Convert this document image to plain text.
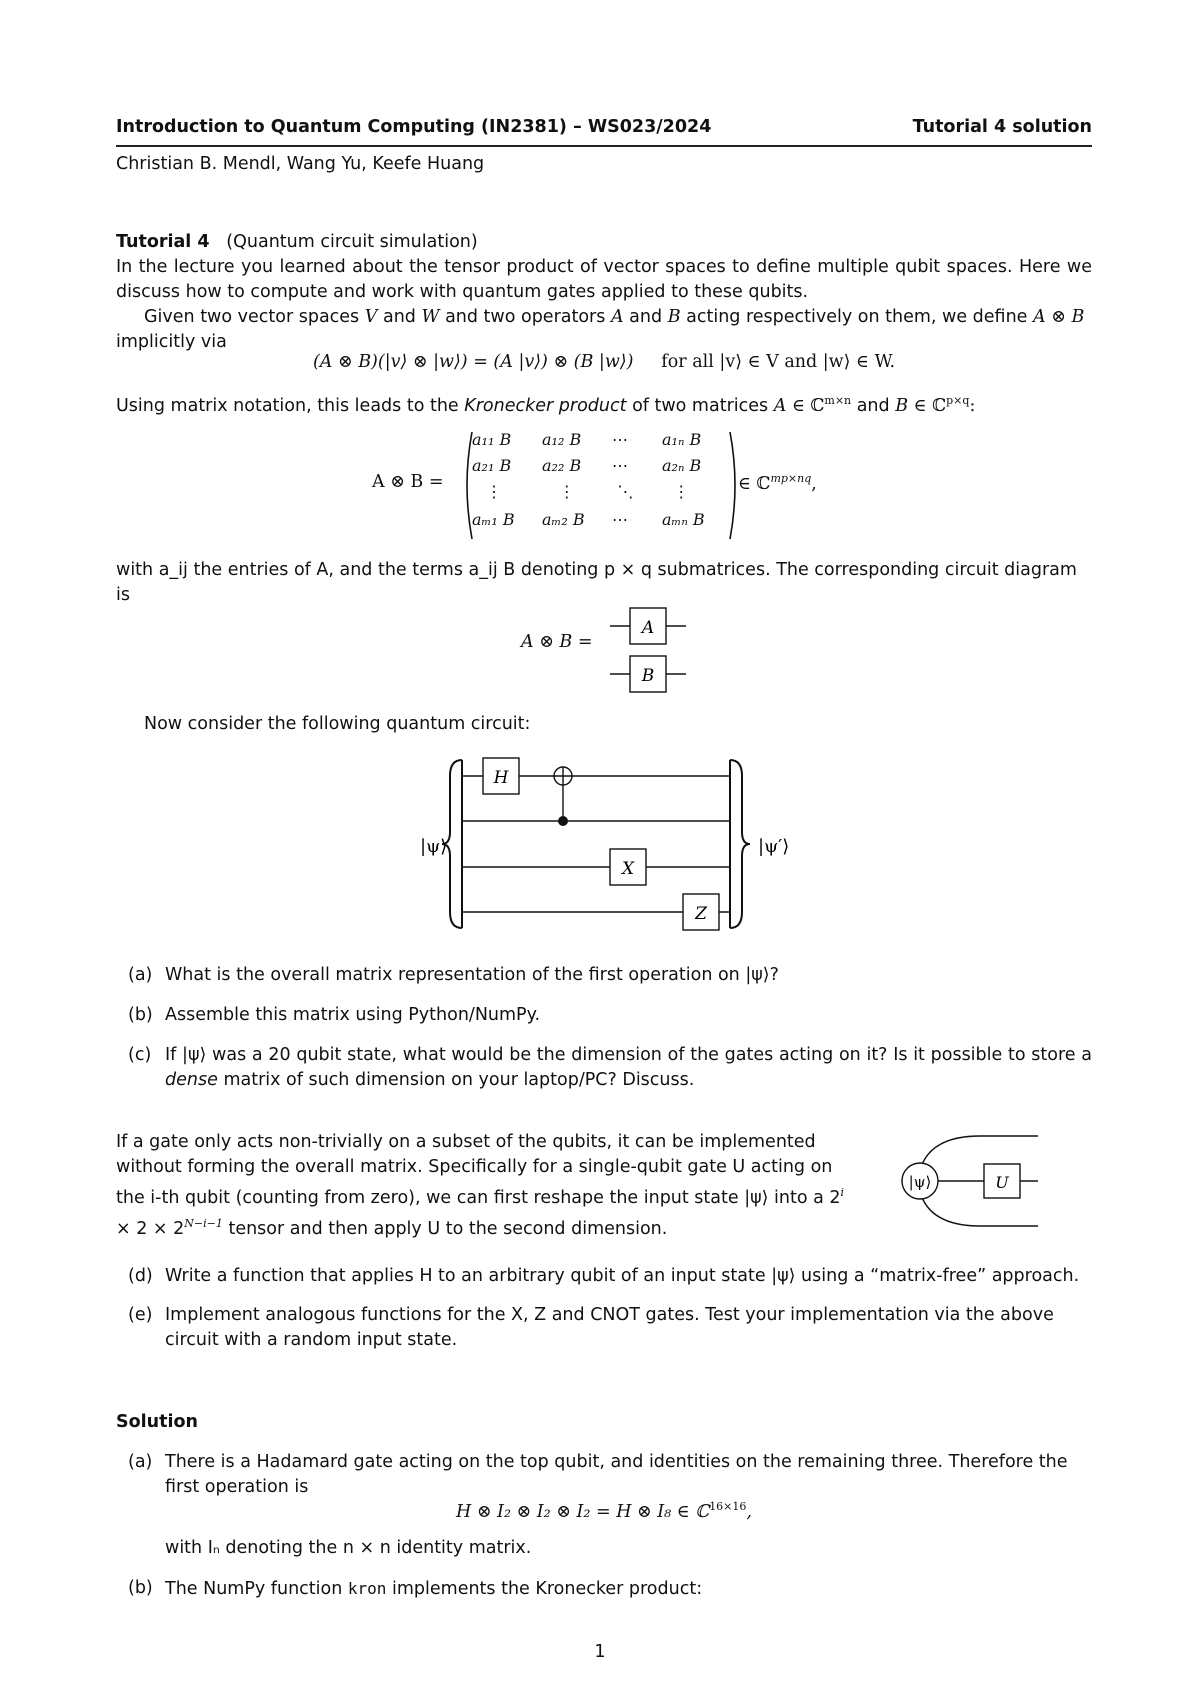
Introduction to Quantum Computing (IN2381) – WS023/2024	Tutorial 4 solution
Christian B. Mendl, Wang Yu, Keefe Huang
Tutorial 4 (Quantum circuit simulation)
In the lecture you learned about the tensor product of vector spaces to define multiple qubit spaces. Here we discuss how to compute and work with quantum gates applied to these qubits.
Given two vector spaces V and W and two operators A and B acting respectively on them, we define A ⊗ B
implicitly via
(A ⊗ B)(|v⟩ ⊗ |w⟩) = (A |v⟩) ⊗ (B |w⟩) for all |v⟩ ∈ V and |w⟩ ∈ W.
Using matrix notation, this leads to the Kronecker product of two matrices A ∈ ℂ$^{m\times n}$ and B ∈ ℂ$^{p\times q}$:
A ⊗ B =
a₁₁ B	a₁₂ B	⋯	a₁ₙ B
a₂₁ B	a₂₂ B	⋯	a₂ₙ B
⋮	⋮	⋱	⋮
aₘ₁ B	aₘ₂ B	⋯	aₘₙ B
∈ ℂ$^{mp\times nq}$,
with a_ij the entries of A, and the terms a_ij B denoting p × q submatrices. The corresponding circuit diagram is
A ⊗ B =
A
B
Now consider the following quantum circuit:
|ψ⟩	|ψ′⟩
H
X
Z
(a) What is the overall matrix representation of the first operation on |ψ⟩?
(b) Assemble this matrix using Python/NumPy.
(c) If |ψ⟩ was a 20 qubit state, what would be the dimension of the gates acting on it? Is it possible to store a dense matrix of such dimension on your laptop/PC? Discuss.
If a gate only acts non-trivially on a subset of the qubits, it can be implemented without forming the overall matrix. Specifically for a single-qubit gate U acting on the i-th qubit (counting from zero), we can first reshape the input state |ψ⟩ into a $2^i \times 2 \times 2^{N-i-1}$ tensor and then apply U to the second dimension.
|ψ⟩	U
(d) Write a function that applies H to an arbitrary qubit of an input state |ψ⟩ using a “matrix-free” approach.
(e) Implement analogous functions for the X, Z and CNOT gates. Test your implementation via the above circuit with a random input state.
Solution
(a) There is a Hadamard gate acting on the top qubit, and identities on the remaining three. Therefore the first operation is
H ⊗ I₂ ⊗ I₂ ⊗ I₂ = H ⊗ I₈ ∈ ℂ$^{16\times 16}$,
with Iₙ denoting the n × n identity matrix.
(b) The NumPy function kron implements the Kronecker product:
1
